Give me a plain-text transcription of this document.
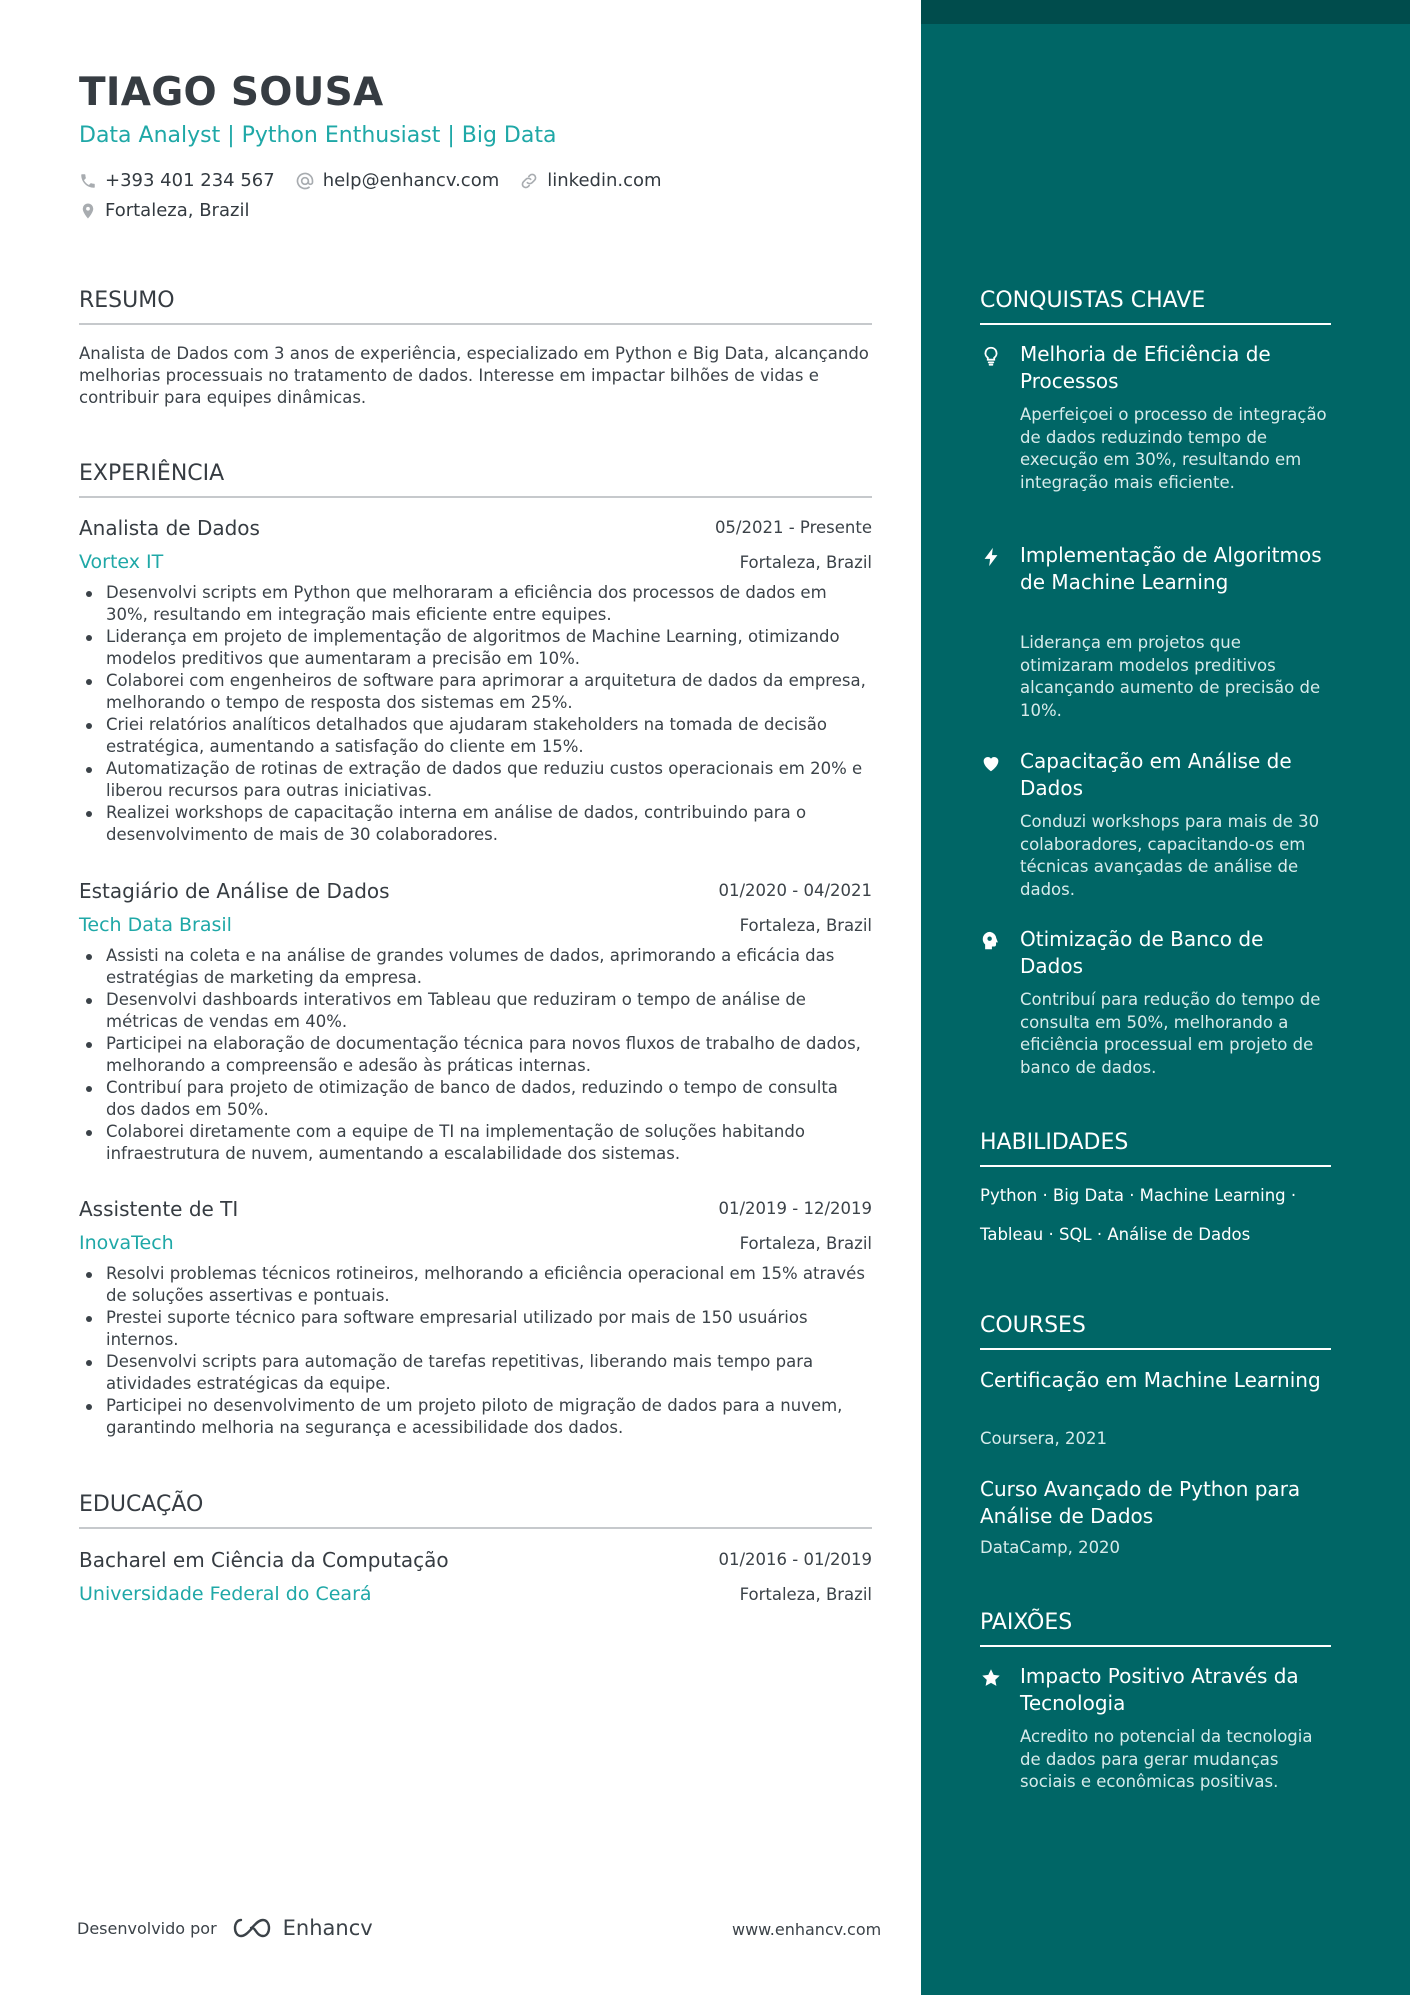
TIAGO SOUSA
Data Analyst | Python Enthusiast | Big Data
+393 401 234 567	help@enhancv.com	linkedin.com
Fortaleza, Brazil
RESUMO
Analista de Dados com 3 anos de experiência, especializado em Python e Big Data, alcançando melhorias processuais no tratamento de dados. Interesse em impactar bilhões de vidas e contribuir para equipes dinâmicas.
EXPERIÊNCIA
Analista de Dados	05/2021 - Presente
Vortex IT	Fortaleza, Brazil
Desenvolvi scripts em Python que melhoraram a eficiência dos processos de dados em 30%, resultando em integração mais eficiente entre equipes.
Liderança em projeto de implementação de algoritmos de Machine Learning, otimizando modelos preditivos que aumentaram a precisão em 10%.
Colaborei com engenheiros de software para aprimorar a arquitetura de dados da empresa, melhorando o tempo de resposta dos sistemas em 25%.
Criei relatórios analíticos detalhados que ajudaram stakeholders na tomada de decisão estratégica, aumentando a satisfação do cliente em 15%.
Automatização de rotinas de extração de dados que reduziu custos operacionais em 20% e liberou recursos para outras iniciativas.
Realizei workshops de capacitação interna em análise de dados, contribuindo para o desenvolvimento de mais de 30 colaboradores.
Estagiário de Análise de Dados	01/2020 - 04/2021
Tech Data Brasil	Fortaleza, Brazil
Assisti na coleta e na análise de grandes volumes de dados, aprimorando a eficácia das estratégias de marketing da empresa.
Desenvolvi dashboards interativos em Tableau que reduziram o tempo de análise de métricas de vendas em 40%.
Participei na elaboração de documentação técnica para novos fluxos de trabalho de dados, melhorando a compreensão e adesão às práticas internas.
Contribuí para projeto de otimização de banco de dados, reduzindo o tempo de consulta dos dados em 50%.
Colaborei diretamente com a equipe de TI na implementação de soluções habitando infraestrutura de nuvem, aumentando a escalabilidade dos sistemas.
Assistente de TI	01/2019 - 12/2019
InovaTech	Fortaleza, Brazil
Resolvi problemas técnicos rotineiros, melhorando a eficiência operacional em 15% através de soluções assertivas e pontuais.
Prestei suporte técnico para software empresarial utilizado por mais de 150 usuários internos.
Desenvolvi scripts para automação de tarefas repetitivas, liberando mais tempo para atividades estratégicas da equipe.
Participei no desenvolvimento de um projeto piloto de migração de dados para a nuvem, garantindo melhoria na segurança e acessibilidade dos dados.
EDUCAÇÃO
Bacharel em Ciência da Computação	01/2016 - 01/2019
Universidade Federal do Ceará	Fortaleza, Brazil
Desenvolvido por	Enhancv	www.enhancv.com
CONQUISTAS CHAVE
Melhoria de Eficiência de Processos
Aperfeiçoei o processo de integração de dados reduzindo tempo de execução em 30%, resultando em integração mais eficiente.
Implementação de Algoritmos de Machine Learning
Liderança em projetos que otimizaram modelos preditivos alcançando aumento de precisão de 10%.
Capacitação em Análise de Dados
Conduzi workshops para mais de 30 colaboradores, capacitando-os em técnicas avançadas de análise de dados.
Otimização de Banco de Dados
Contribuí para redução do tempo de consulta em 50%, melhorando a eficiência processual em projeto de banco de dados.
HABILIDADES
Python · Big Data · Machine Learning ·
Tableau · SQL · Análise de Dados
COURSES
Certificação em Machine Learning
Coursera, 2021
Curso Avançado de Python para Análise de Dados
DataCamp, 2020
PAIXÕES
Impacto Positivo Através da Tecnologia
Acredito no potencial da tecnologia de dados para gerar mudanças sociais e econômicas positivas.
